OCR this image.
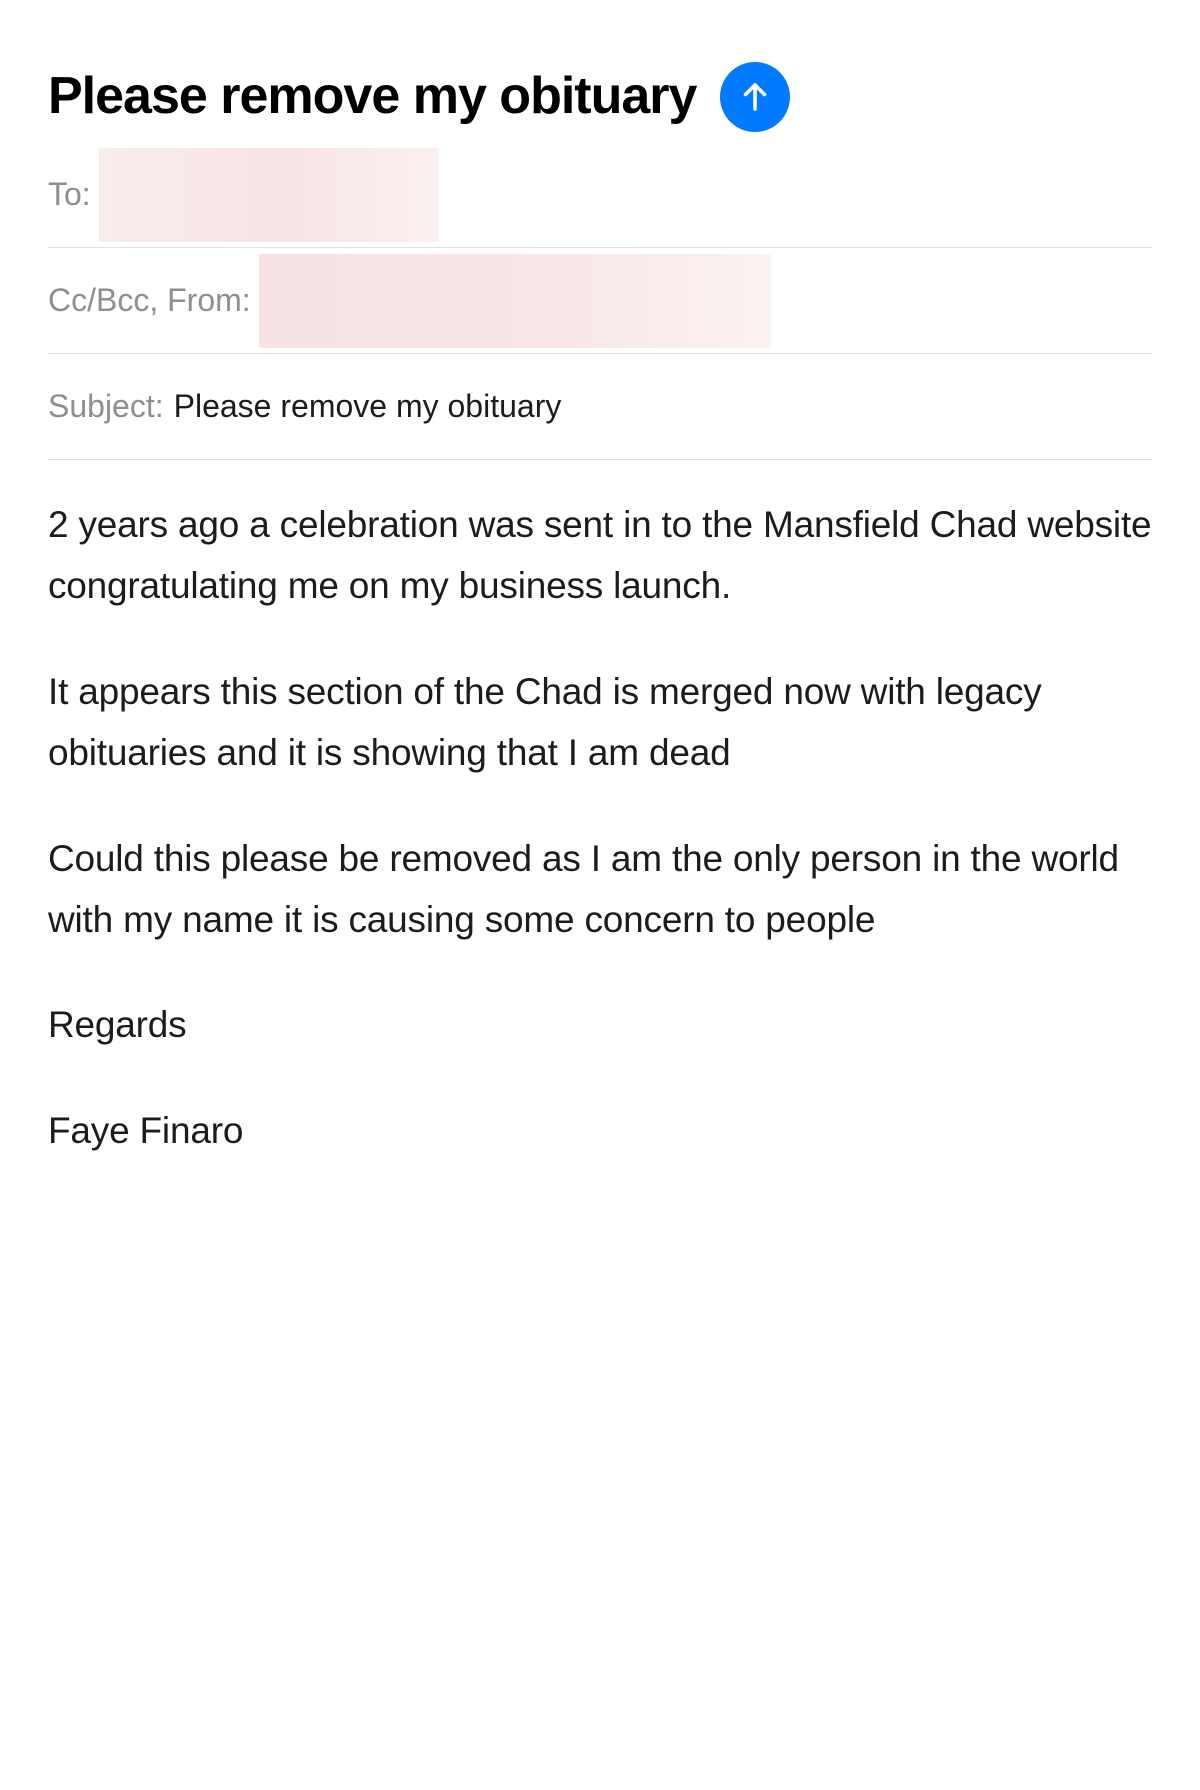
Please remove my obituary
To:
Cc/Bcc, From:
Subject: Please remove my obituary

2 years ago a celebration was sent in to the Mansfield Chad website congratulating me on my business launch.

It appears this section of the Chad is merged now with legacy obituaries and it is showing that I am dead

Could this please be removed as I am the only person in the world with my name it is causing some concern to people

Regards

Faye Finaro
